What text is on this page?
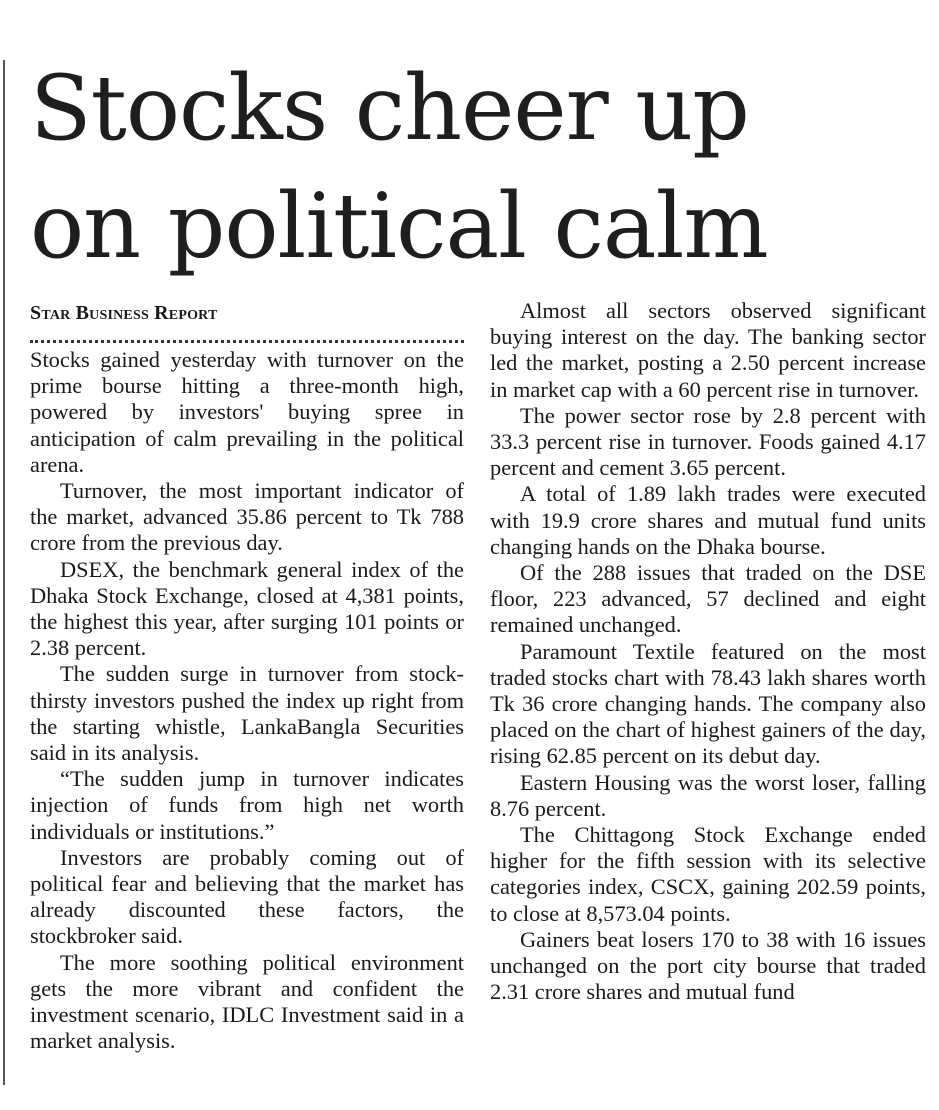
Stocks cheer up
on political calm
Star Business Report

Stocks gained yesterday with turnover on the prime bourse hitting a three-month high, powered by investors' buying spree in anticipation of calm prevailing in the political arena.

Turnover, the most important indicator of the market, advanced 35.86 percent to Tk 788 crore from the previous day.

DSEX, the benchmark general index of the Dhaka Stock Exchange, closed at 4,381 points, the highest this year, after surging 101 points or 2.38 percent.

The sudden surge in turnover from stock-thirsty investors pushed the index up right from the starting whistle, LankaBangla Securities said in its analysis.

“The sudden jump in turnover indicates injection of funds from high net worth individuals or institutions.”

Investors are probably coming out of political fear and believing that the market has already discounted these factors, the stockbroker said.

The more soothing political environment gets the more vibrant and confident the investment scenario, IDLC Investment said in a market analysis.

Almost all sectors observed significant buying interest on the day. The banking sector led the market, posting a 2.50 percent increase in market cap with a 60 percent rise in turnover.

The power sector rose by 2.8 percent with 33.3 percent rise in turnover. Foods gained 4.17 percent and cement 3.65 percent.

A total of 1.89 lakh trades were executed with 19.9 crore shares and mutual fund units changing hands on the Dhaka bourse.

Of the 288 issues that traded on the DSE floor, 223 advanced, 57 declined and eight remained unchanged.

Paramount Textile featured on the most traded stocks chart with 78.43 lakh shares worth Tk 36 crore changing hands. The company also placed on the chart of highest gainers of the day, rising 62.85 percent on its debut day.

Eastern Housing was the worst loser, falling 8.76 percent.

The Chittagong Stock Exchange ended higher for the fifth session with its selective categories index, CSCX, gaining 202.59 points, to close at 8,573.04 points.

Gainers beat losers 170 to 38 with 16 issues unchanged on the port city bourse that traded 2.31 crore shares and mutual fund
